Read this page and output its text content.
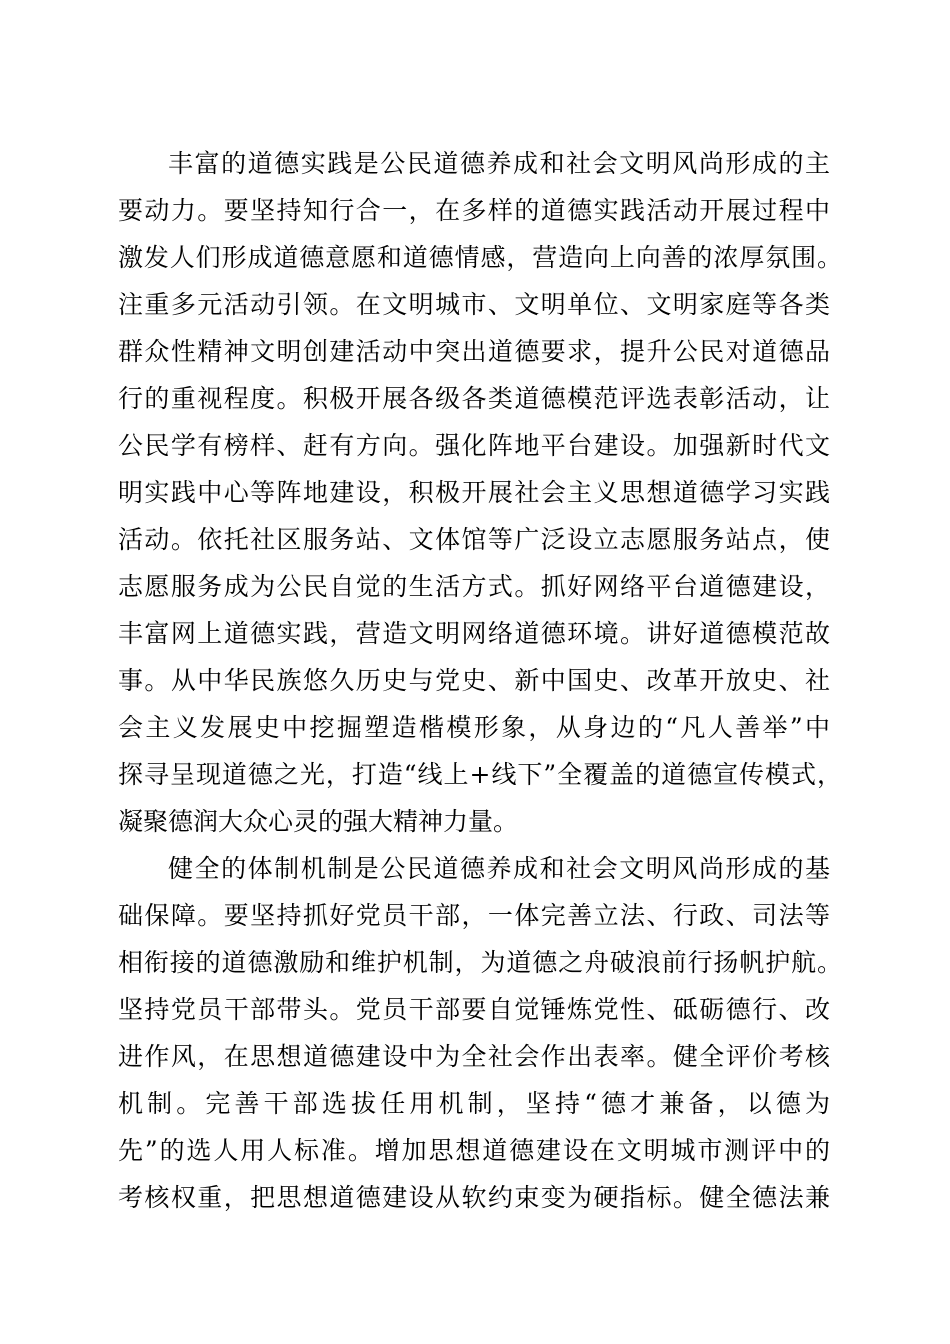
丰富的道德实践是公民道德养成和社会文明风尚形成的主
要动力。要坚持知行合一，在多样的道德实践活动开展过程中
激发人们形成道德意愿和道德情感，营造向上向善的浓厚氛围。
注重多元活动引领。在文明城市、文明单位、文明家庭等各类
群众性精神文明创建活动中突出道德要求，提升公民对道德品
行的重视程度。积极开展各级各类道德模范评选表彰活动，让
公民学有榜样、赶有方向。强化阵地平台建设。加强新时代文
明实践中心等阵地建设，积极开展社会主义思想道德学习实践
活动。依托社区服务站、文体馆等广泛设立志愿服务站点，使
志愿服务成为公民自觉的生活方式。抓好网络平台道德建设，
丰富网上道德实践，营造文明网络道德环境。讲好道德模范故
事。从中华民族悠久历史与党史、新中国史、改革开放史、社
会主义发展史中挖掘塑造楷模形象，从身边的“凡人善举”中
探寻呈现道德之光，打造“线上+线下”全覆盖的道德宣传模式，
凝聚德润大众心灵的强大精神力量。
健全的体制机制是公民道德养成和社会文明风尚形成的基
础保障。要坚持抓好党员干部，一体完善立法、行政、司法等
相衔接的道德激励和维护机制，为道德之舟破浪前行扬帆护航。
坚持党员干部带头。党员干部要自觉锤炼党性、砥砺德行、改
进作风，在思想道德建设中为全社会作出表率。健全评价考核
机制。完善干部选拔任用机制，坚持“德才兼备，以德为
先”的选人用人标准。增加思想道德建设在文明城市测评中的
考核权重，把思想道德建设从软约束变为硬指标。健全德法兼
